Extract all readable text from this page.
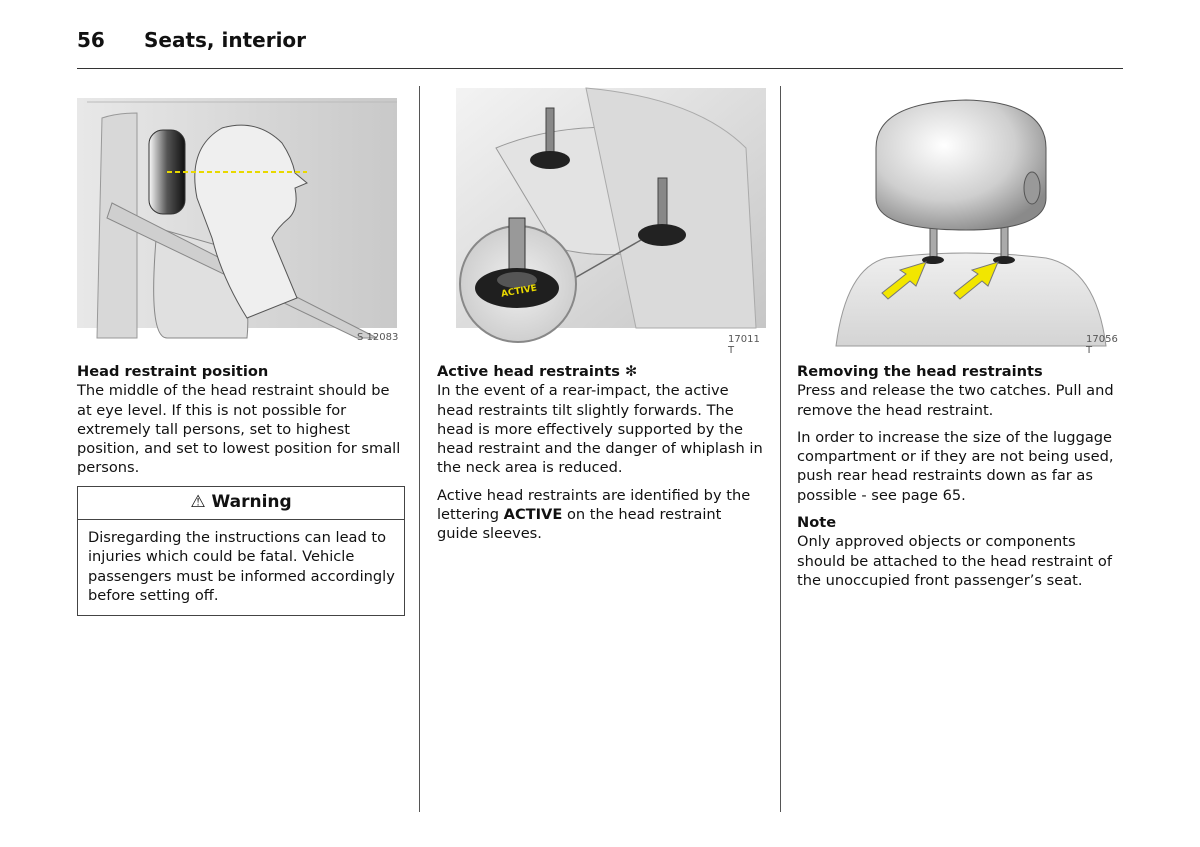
56	Seats, interior
S 12083
ACTIVE
17011 T
17056 T
Head restraint position

The middle of the head restraint should be at eye level. If this is not possible for extremely tall persons, set to highest position, and set to lowest position for small persons.

⚠ Warning
Disregarding the instructions can lead to injuries which could be fatal. Vehicle passengers must be informed accordingly before setting off.
Active head restraints ✻

In the event of a rear-impact, the active head restraints tilt slightly forwards. The head is more effectively supported by the head restraint and the danger of whiplash in the neck area is reduced.

Active head restraints are identified by the lettering ACTIVE on the head restraint guide sleeves.

Removing the head restraints

Press and release the two catches. Pull and remove the head restraint.

In order to increase the size of the luggage compartment or if they are not being used, push rear head restraints down as far as possible - see page 65.

Note

Only approved objects or components should be attached to the head restraint of the unoccupied front passenger’s seat.
